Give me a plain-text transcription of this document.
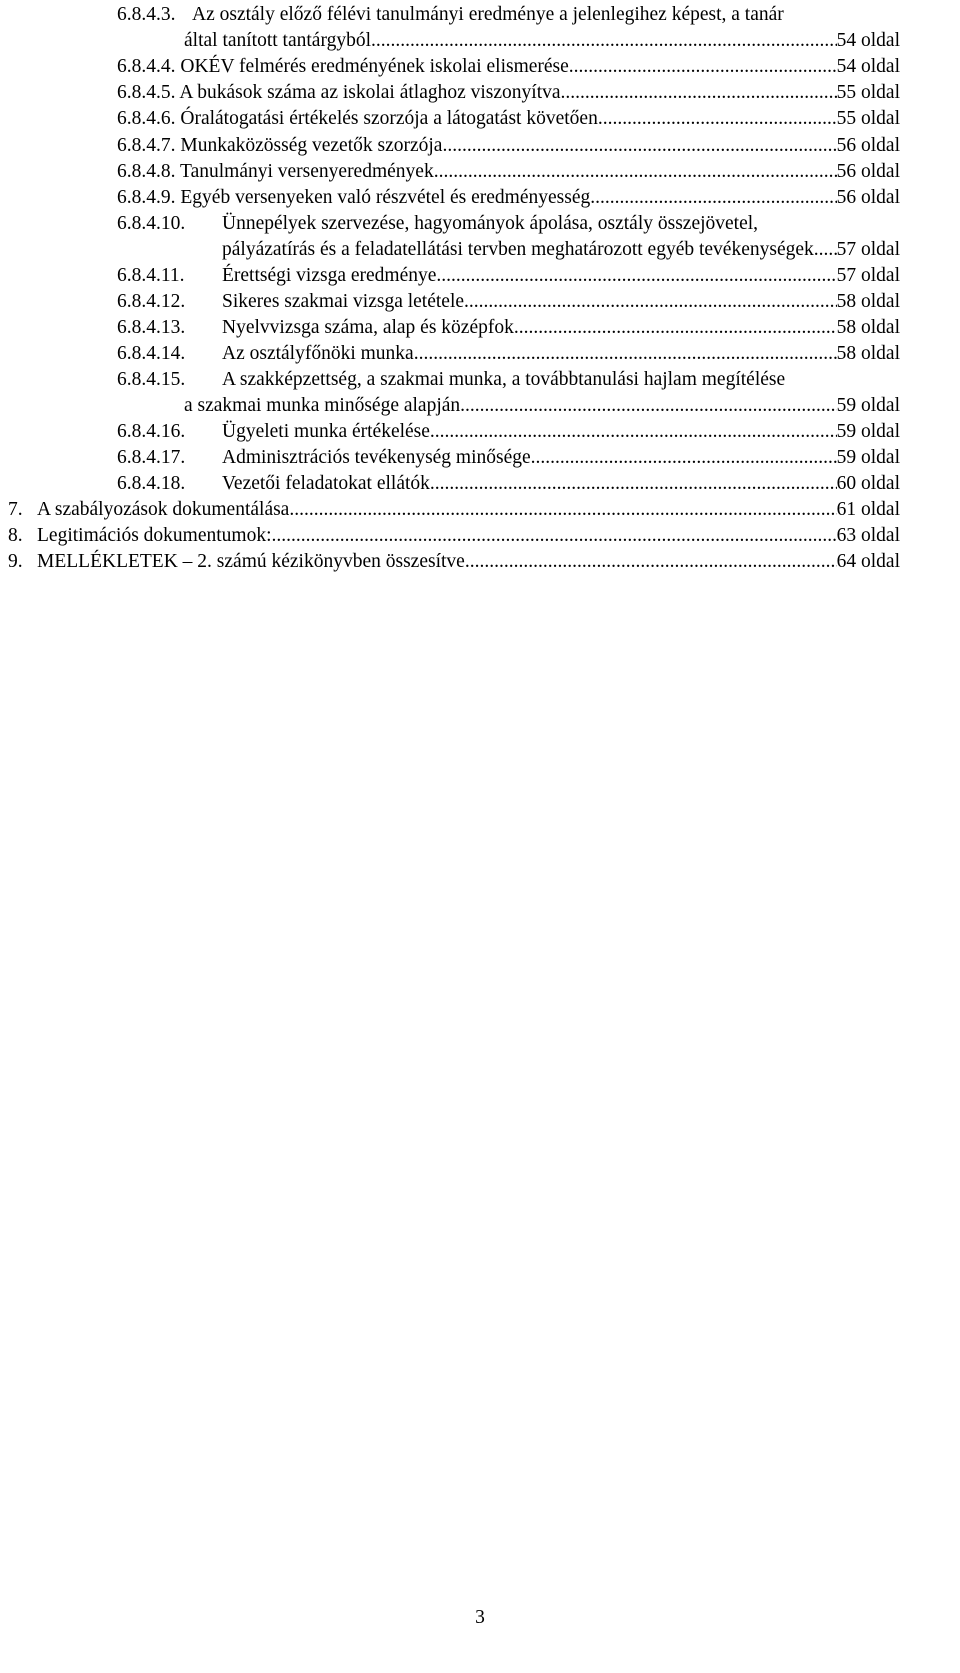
6.8.4.3. Az osztály előző félévi tanulmányi eredménye a jelenlegihez képest, a tanár
által tanított tantárgyból .....	54 oldal
6.8.4.4. OKÉV felmérés eredményének iskolai elismerése .....	54 oldal
6.8.4.5. A bukások száma az iskolai átlaghoz viszonyítva .....	55 oldal
6.8.4.6. Óralátogatási értékelés szorzója a látogatást követően .....	55 oldal
6.8.4.7. Munkaközösség vezetők szorzója .....	56 oldal
6.8.4.8. Tanulmányi versenyeredmények .....	56 oldal
6.8.4.9. Egyéb versenyeken való részvétel és eredményesség .....	56 oldal
6.8.4.10. Ünnepélyek szervezése, hagyományok ápolása, osztály összejövetel,
pályázatírás és a feladatellátási tervben meghatározott egyéb tevékenységek ..... 57 oldal
6.8.4.11. Érettségi vizsga eredménye .....	57 oldal
6.8.4.12. Sikeres szakmai vizsga letétele .....	58 oldal
6.8.4.13. Nyelvvizsga száma, alap és középfok .....	58 oldal
6.8.4.14. Az osztályfőnöki munka .....	58 oldal
6.8.4.15. A szakképzettség, a szakmai munka, a továbbtanulási hajlam megítélése
a szakmai munka minősége alapján .....	59 oldal
6.8.4.16. Ügyeleti munka értékelése .....	59 oldal
6.8.4.17. Adminisztrációs tevékenység minősége .....	59 oldal
6.8.4.18. Vezetői feladatokat ellátók .....	60 oldal
7. A szabályozások dokumentálása .....	61 oldal
8. Legitimációs dokumentumok: .....	63 oldal
9. MELLÉKLETEK – 2. számú kézikönyvben összesítve .....	64 oldal
3
